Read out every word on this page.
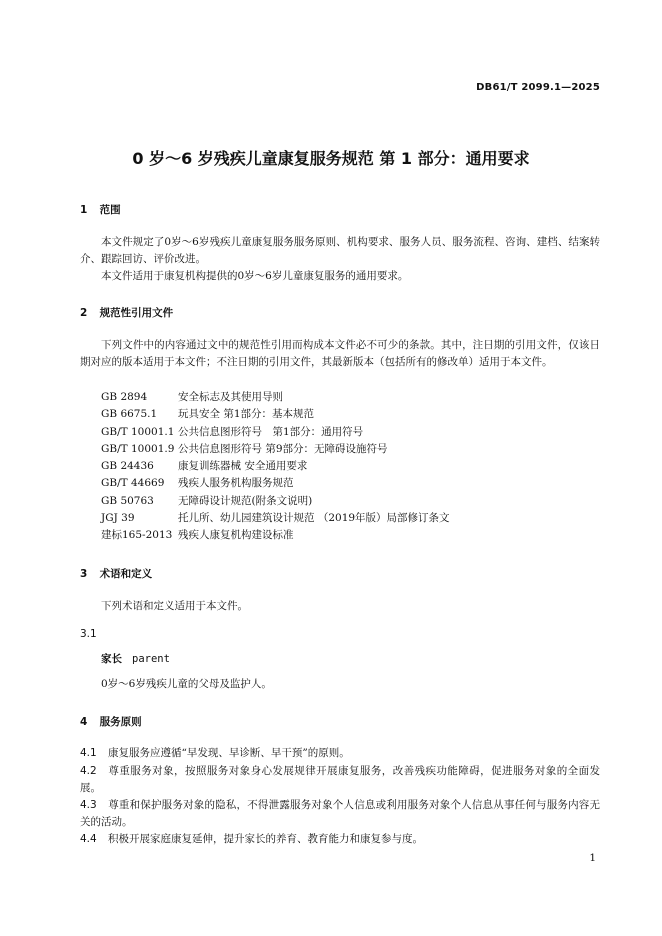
DB61/T 2099.1—2025
0 岁～6 岁残疾儿童康复服务规范 第 1 部分：通用要求
1 范围

本文件规定了0岁～6岁残疾儿童康复服务服务原则、机构要求、服务人员、服务流程、咨询、建档、结案转介、跟踪回访、评价改进。

本文件适用于康复机构提供的0岁～6岁儿童康复服务的通用要求。

2 规范性引用文件

下列文件中的内容通过文中的规范性引用而构成本文件必不可少的条款。其中，注日期的引用文件，仅该日期对应的版本适用于本文件；不注日期的引用文件，其最新版本（包括所有的修改单）适用于本文件。

GB 2894	安全标志及其使用导则
GB 6675.1 玩具安全 第1部分：基本规范
GB/T 10001.1 公共信息图形符号　第1部分：通用符号
GB/T 10001.9 公共信息图形符号 第9部分：无障碍设施符号
GB 24436 康复训练器械 安全通用要求
GB/T 44669 残疾人服务机构服务规范
GB 50763 无障碍设计规范(附条文说明)
JGJ 39	托儿所、幼儿园建筑设计规范 （2019年版）局部修订条文
建标165-2013 残疾人康复机构建设标准
3 术语和定义

下列术语和定义适用于本文件。

3.1
家长 parent
0岁～6岁残疾儿童的父母及监护人。
4 服务原则

4.1 康复服务应遵循“早发现、早诊断、早干预”的原则。

4.2 尊重服务对象，按照服务对象身心发展规律开展康复服务，改善残疾功能障碍，促进服务对象的全面发展。

4.3 尊重和保护服务对象的隐私，不得泄露服务对象个人信息或利用服务对象个人信息从事任何与服务内容无关的活动。

4.4 积极开展家庭康复延伸，提升家长的养育、教育能力和康复参与度。

1
